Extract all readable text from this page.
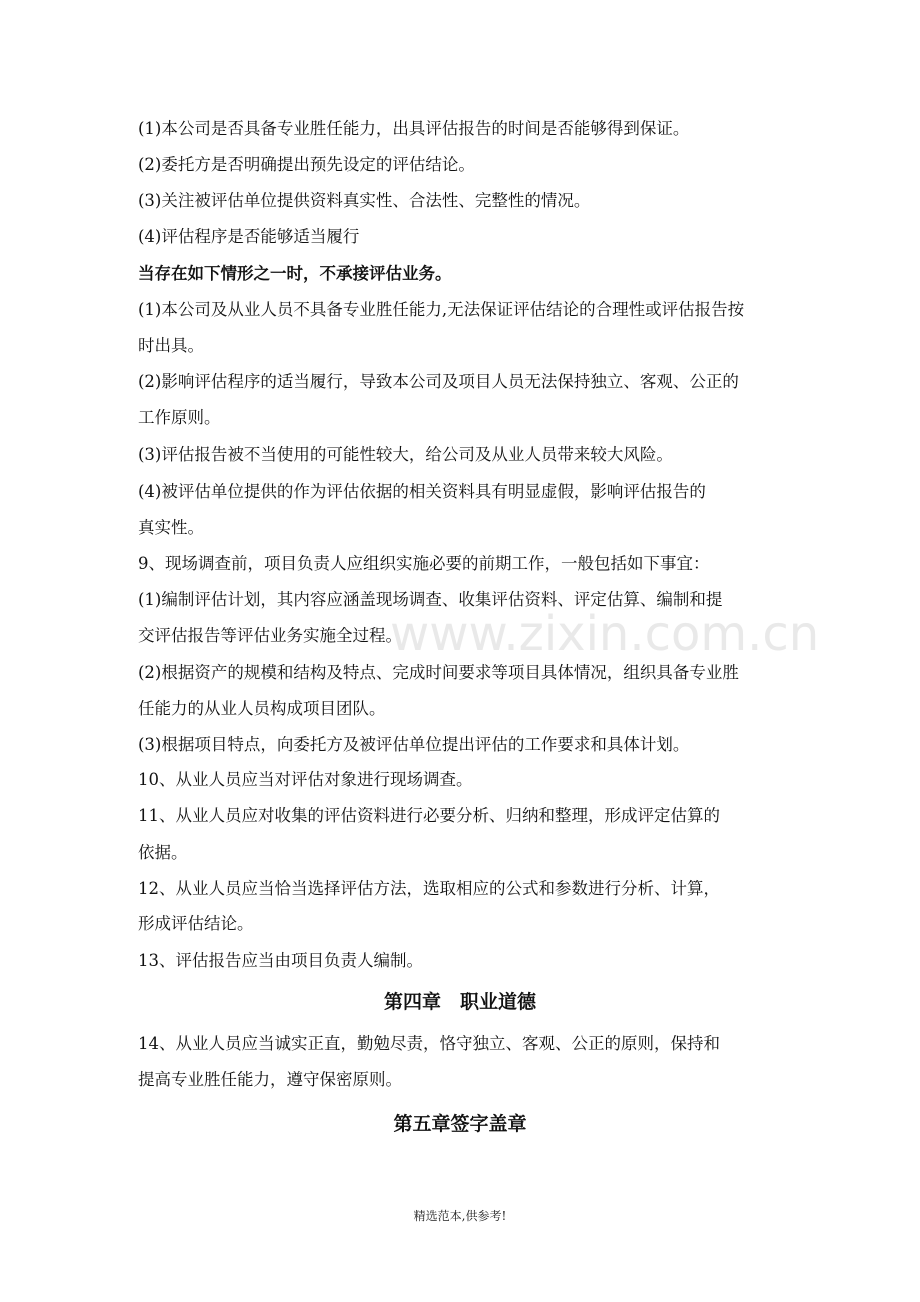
(1)本公司是否具备专业胜任能力，出具评估报告的时间是否能够得到保证。
(2)委托方是否明确提出预先设定的评估结论。
(3)关注被评估单位提供资料真实性、合法性、完整性的情况。
(4)评估程序是否能够适当履行
当存在如下情形之一时，不承接评估业务。
(1)本公司及从业人员不具备专业胜任能力,无法保证评估结论的合理性或评估报告按
时出具。
(2)影响评估程序的适当履行，导致本公司及项目人员无法保持独立、客观、公正的
工作原则。
(3)评估报告被不当使用的可能性较大，给公司及从业人员带来较大风险。
(4)被评估单位提供的作为评估依据的相关资料具有明显虚假，影响评估报告的
真实性。
9、现场调查前，项目负责人应组织实施必要的前期工作，一般包括如下事宜：
(1)编制评估计划，其内容应涵盖现场调查、收集评估资料、评定估算、编制和提
交评估报告等评估业务实施全过程。
(2)根据资产的规模和结构及特点、完成时间要求等项目具体情况，组织具备专业胜
任能力的从业人员构成项目团队。
(3)根据项目特点，向委托方及被评估单位提出评估的工作要求和具体计划。
10、从业人员应当对评估对象进行现场调查。
11、从业人员应对收集的评估资料进行必要分析、归纳和整理，形成评定估算的
依据。
12、从业人员应当恰当选择评估方法，选取相应的公式和参数进行分析、计算，
形成评估结论。
13、评估报告应当由项目负责人编制。
第四章　职业道德
14、从业人员应当诚实正直，勤勉尽责，恪守独立、客观、公正的原则，保持和
提高专业胜任能力，遵守保密原则。
第五章签字盖章
www.zixin.com.cn
精选范本,供参考!
